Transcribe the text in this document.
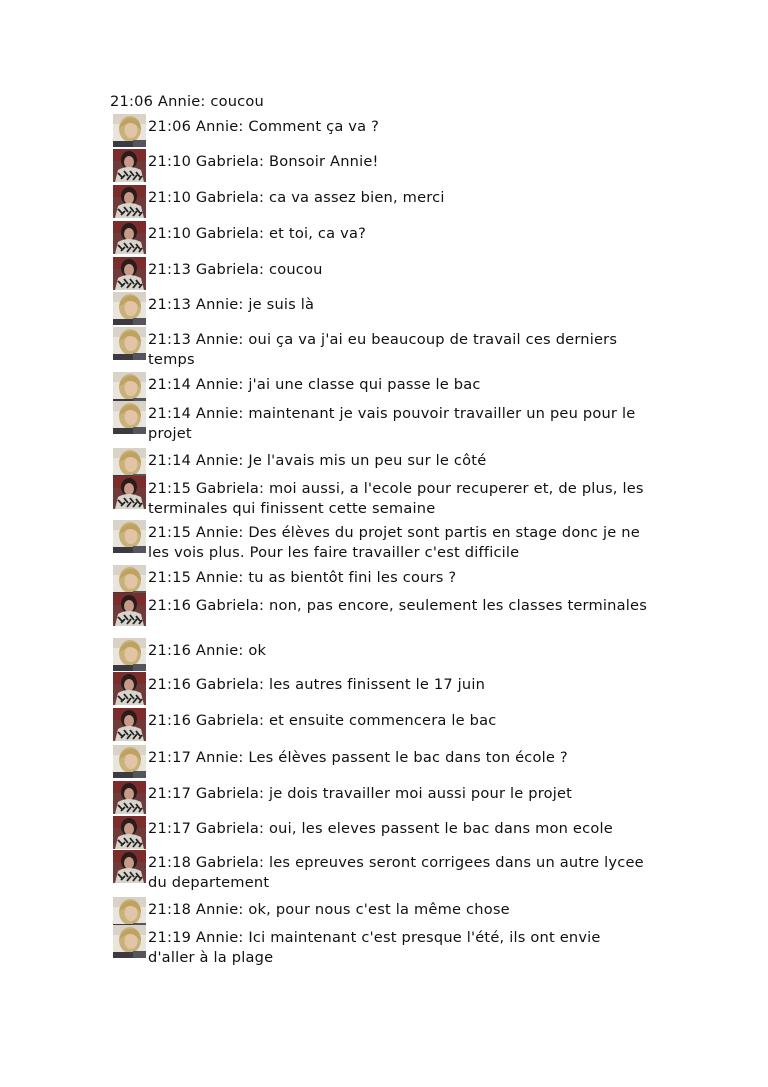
21:06 Annie: coucou
21:06 Annie: Comment ça va ?
21:10 Gabriela: Bonsoir Annie!
21:10 Gabriela: ca va assez bien, merci
21:10 Gabriela: et toi, ca va?
21:13 Gabriela: coucou
21:13 Annie: je suis là
21:13 Annie: oui ça va j'ai eu beaucoup de travail ces derniers temps
21:14 Annie: j'ai une classe qui passe le bac
21:14 Annie: maintenant je vais pouvoir travailler un peu pour le projet
21:14 Annie: Je l'avais mis un peu sur le côté
21:15 Gabriela: moi aussi, a l'ecole pour recuperer et, de plus, les terminales qui finissent cette semaine
21:15 Annie: Des élèves du projet sont partis en stage donc je ne les vois plus. Pour les faire travailler c'est difficile
21:15 Annie: tu as bientôt fini les cours ?
21:16 Gabriela: non, pas encore, seulement les classes terminales
21:16 Annie: ok
21:16 Gabriela: les autres finissent le 17 juin
21:16 Gabriela: et ensuite commencera le bac
21:17 Annie: Les élèves passent le bac dans ton école ?
21:17 Gabriela: je dois travailler moi aussi pour le projet
21:17 Gabriela: oui, les eleves passent le bac dans mon ecole
21:18 Gabriela: les epreuves seront corrigees dans un autre lycee du departement
21:18 Annie: ok, pour nous c'est la même chose
21:19 Annie: Ici maintenant c'est presque l'été, ils ont envie d'aller à la plage
